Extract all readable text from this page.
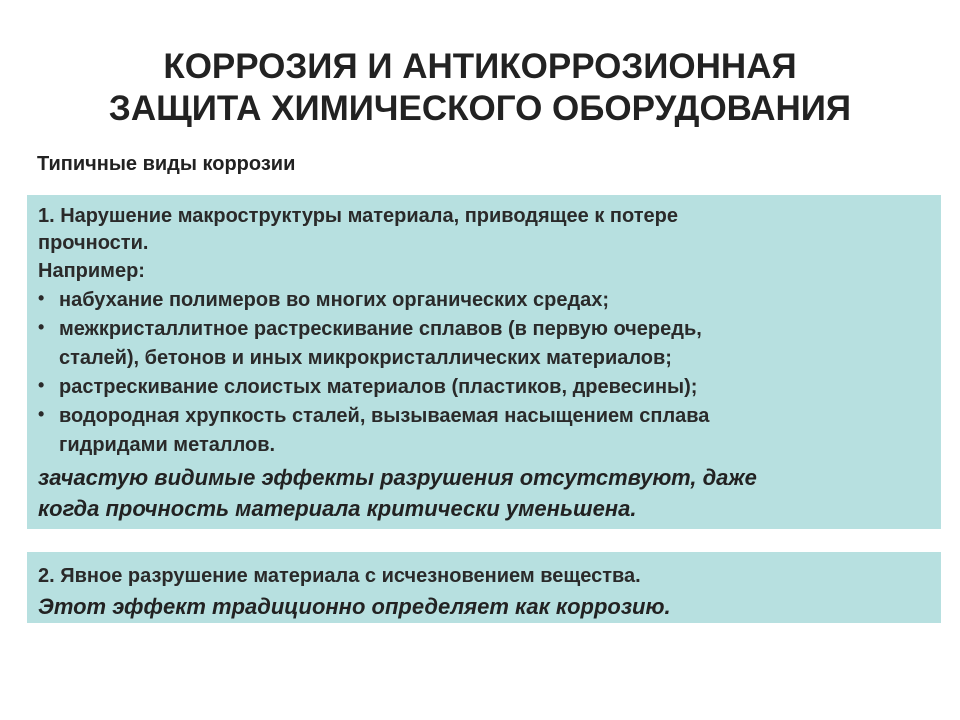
КОРРОЗИЯ И АНТИКОРРОЗИОННАЯ
ЗАЩИТА ХИМИЧЕСКОГО ОБОРУДОВАНИЯ

Типичные виды коррозии

1. Нарушение макроструктуры материала, приводящее к потере
прочности.

Например:

• набухание полимеров во многих органических средах;
• межкристаллитное растрескивание сплавов (в первую очередь,
сталей), бетонов и иных микрокристаллических материалов;
• растрескивание слоистых материалов (пластиков, древесины);
• водородная хрупкость сталей, вызываемая насыщением сплава
гидридами металлов.

зачастую видимые эффекты разрушения отсутствуют, даже
когда прочность материала критически уменьшена.

2. Явное разрушение материала с исчезновением вещества.

Этот эффект традиционно определяет как коррозию.
